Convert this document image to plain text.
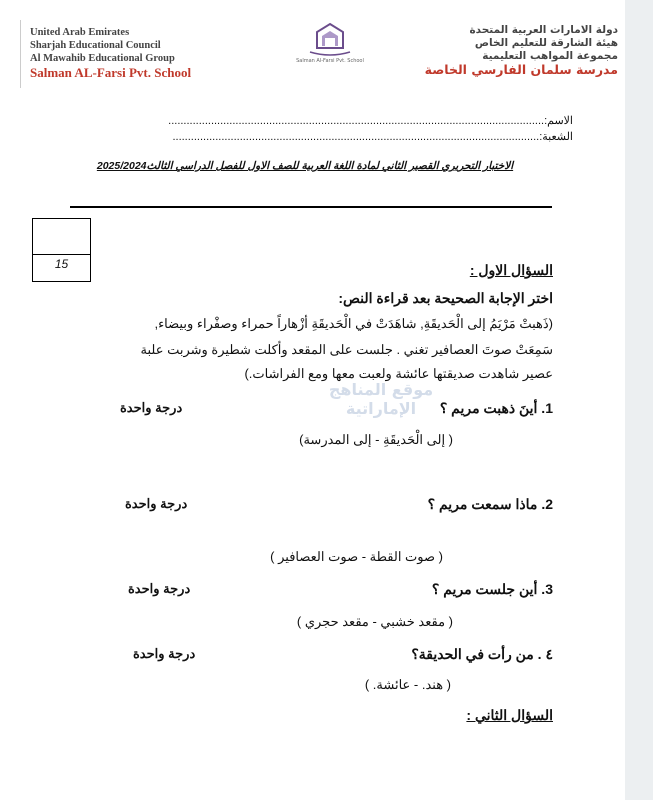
United Arab Emirates
Sharjah Educational Council
Al Mawahib Educational Group
Salman AL-Farsi Pvt. School
Salman Al-Farsi Pvt. School
دولة الامارات العربية المتحدة
هيئة الشارقة للتعليم الخاص
مجموعة المواهب التعليمية
مدرسة سلمان الفارسي الخاصة
الاسم:...........................................................................................................................
الشعبة:........................................................................................................................
الاختبار التحريري القصير الثاني لمادة اللغة العربية للصف الاول للفصل الدراسي الثالث2025/2024
15	السؤال الاول :
اختر الإجابة الصحيحة بعد قراءة النص:
(ذَهبتْ مَرْيَمُ إلى الْحَديقَةِ, شاهَدَتْ في الْحَديقَةِ أزْهاراً حمراء وصفْراء وبيضاء,
سَمِعَتْ صوتَ العصافير تغني . جلست على المقعد وأكلت شطيرة وشربت علبة
عصير شاهدت صديقتها عائشة ولعبت معها ومع الفراشات.)
موقع المناهج الإماراتية	1. أينَ ذهبت مريم ؟
درجة واحدة
( إلى الْحَديقَةِ - إلى المدرسة)
2. ماذا سمعت مريم ؟
درجة واحدة
( صوت القطة - صوت العصافير )
3. أين جلست مريم ؟
درجة واحدة
( مقعد خشبي - مقعد حجري )
٤ . من رأت في الحديقة؟
درجة واحدة
( هند. - عائشة. )
السؤال الثاني :
